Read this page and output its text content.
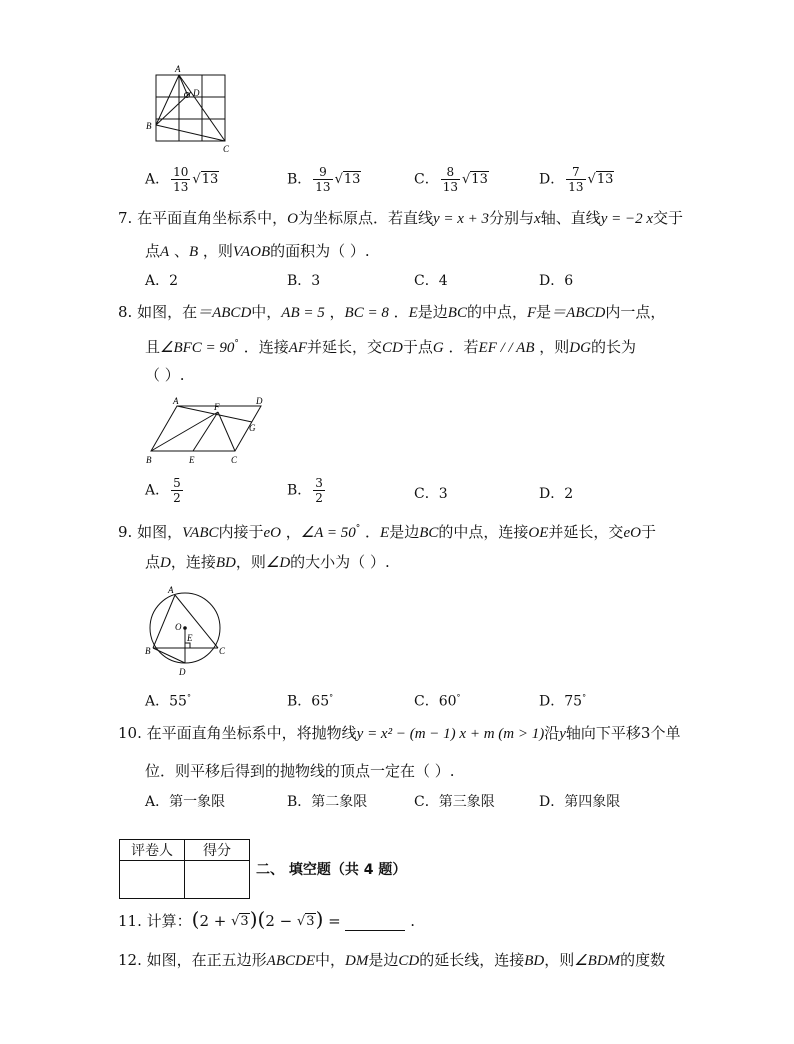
A
D
B
C
A． $\frac{10}{13} √13$	B． $\frac{9}{13} √13$	C． $\frac{8}{13} √13$	D． $\frac{7}{13} √13$
7. 在平面直角坐标系中，O为坐标原点．若直线y = x + 3分别与x轴、直线y = −2 x交于
点A 、B ，则VAOB的面积为（ ）.
A．2	B．3	C．4	D．6
8. 如图，在＝ABCD中，AB = 5 ，BC = 8 ．E是边BC的中点，F是＝ABCD内一点，
且∠BFC = 90° ．连接AF并延长，交CD于点G ．若EF / / AB ，则DG的长为
（ ）.
A	D
F
G
B	E	C
A． $\frac{5}{2}$	B． $\frac{3}{2}$	C．3	D．2
9. 如图，VABC内接于eO ，∠A = 50° ．E是边BC的中点，连接OE并延长，交eO于
点D，连接BD，则∠D的大小为（ ）.
A
O
E
B	C
D
A．55°	B．65°	C．60°	D．75°
10. 在平面直角坐标系中，将抛物线y = x² − (m − 1) x + m (m > 1)沿y轴向下平移3个单
位．则平移后得到的抛物线的顶点一定在（ ）.
A．第一象限	B．第二象限	C．第三象限	D．第四象限
评卷人	得分

二、 填空题（共 4 题）
11. 计算：(2 + √3)(2 − √3) =	.
12. 如图，在正五边形ABCDE中，DM是边CD的延长线，连接BD，则∠BDM的度数
